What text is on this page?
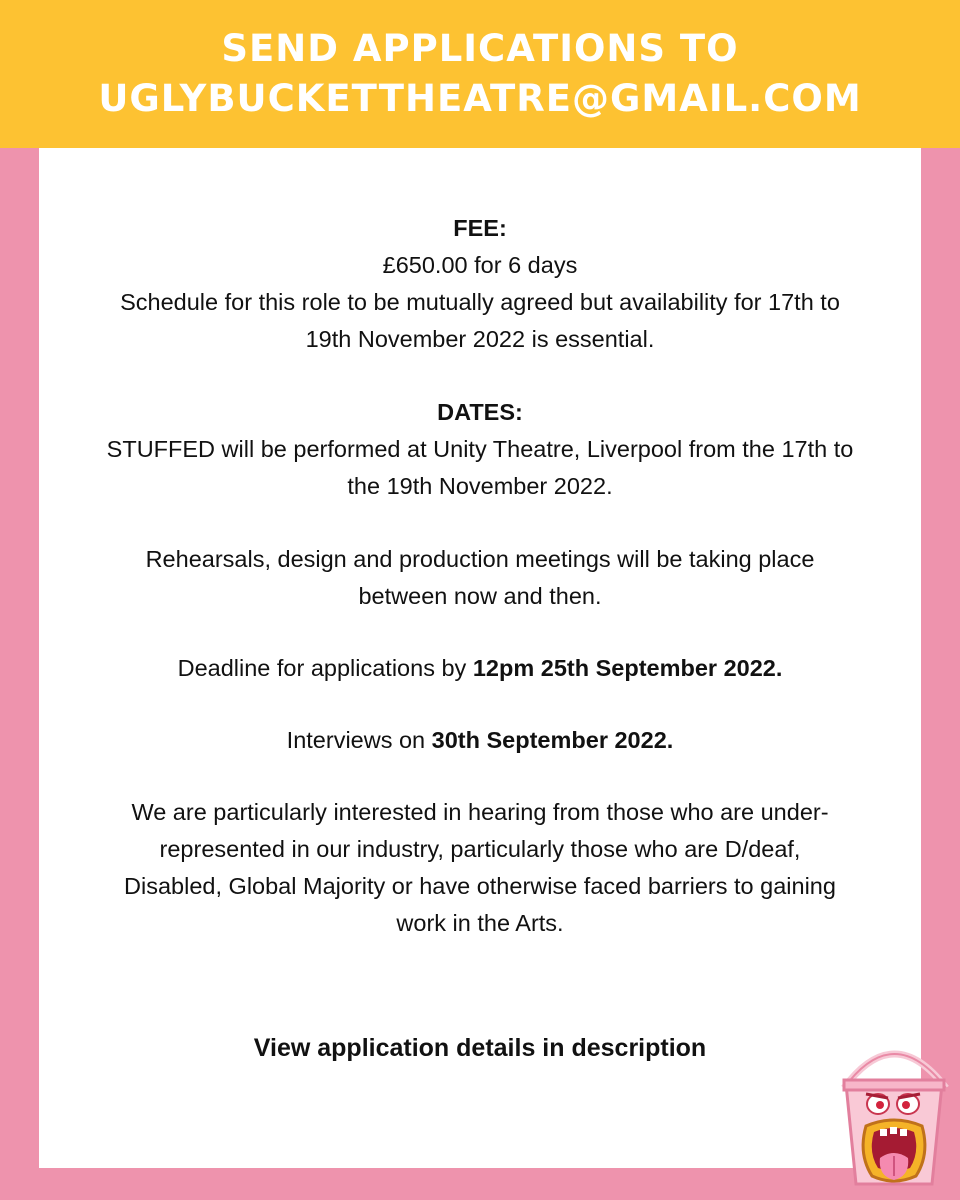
SEND APPLICATIONS TO
UGLYBUCKETTHEATRE@GMAIL.COM

FEE:

£650.00 for 6 days

Schedule for this role to be mutually agreed but availability for 17th to

19th November 2022 is essential.

DATES:

STUFFED will be performed at Unity Theatre, Liverpool from the 17th to

the 19th November 2022.

Rehearsals, design and production meetings will be taking place

between now and then.

Deadline for applications by 12pm 25th September 2022.

Interviews on 30th September 2022.

We are particularly interested in hearing from those who are under-

represented in our industry, particularly those who are D/deaf,

Disabled, Global Majority or have otherwise faced barriers to gaining

work in the Arts.

View application details in description
